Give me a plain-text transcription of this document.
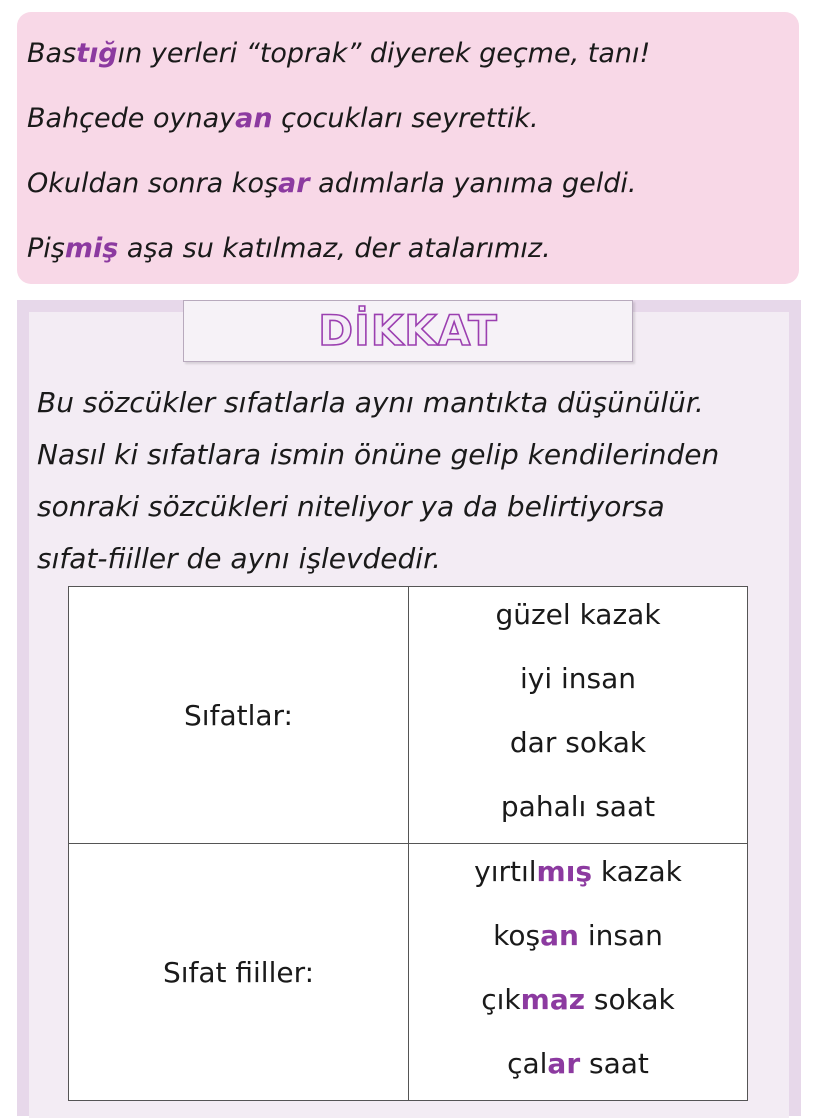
Bastığın yerleri “toprak” diyerek geçme, tanı!

Bahçede oynayan çocukları seyrettik.

Okuldan sonra koşar adımlarla yanıma geldi.

Pişmiş aşa su katılmaz, der atalarımız.

DİKKAT

Bu sözcükler sıfatlarla aynı mantıkta düşünülür.

Nasıl ki sıfatlara ismin önüne gelip kendilerinden

sonraki sözcükleri niteliyor ya da belirtiyorsa

sıfat-fiiller de aynı işlevdedir.

Sıfatlar:	güzel kazak
iyi insan
dar sokak
pahalı saat

Sıfat fiiller:	yırtılmış kazak
koşan insan
çıkmaz sokak
çalar saat
